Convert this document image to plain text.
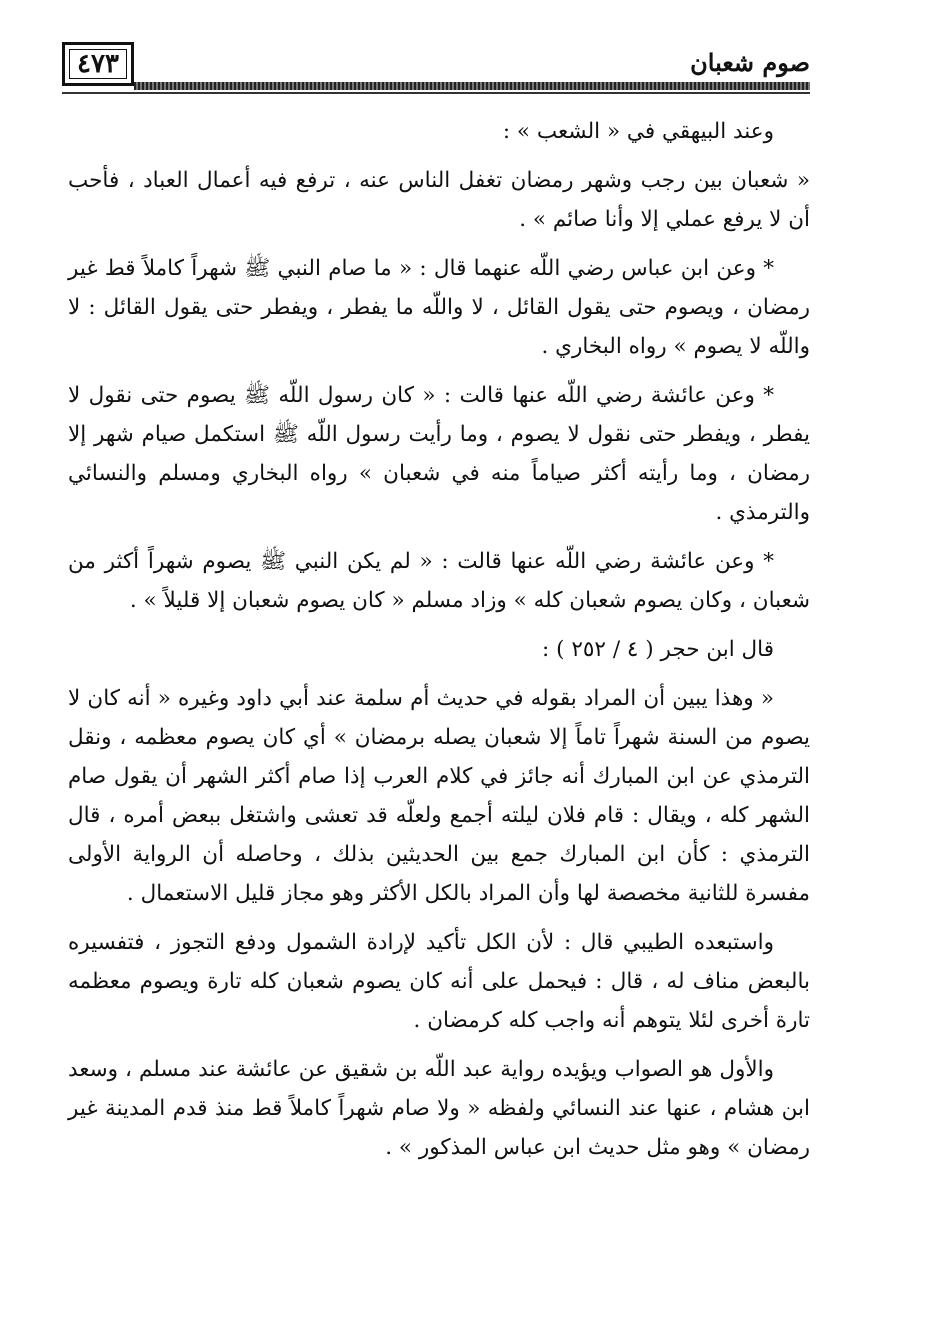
٤٧٣	صوم شعبان

وعند البيهقي في « الشعب » :

« شعبان بين رجب وشهر رمضان تغفل الناس عنه ، ترفع فيه أعمال العباد ، فأحب أن لا يرفع عملي إلا وأنا صائم » .

* وعن ابن عباس رضي اللّه عنهما قال : « ما صام النبي ﷺ شهراً كاملاً قط غير رمضان ، ويصوم حتى يقول القائل ، لا واللّه ما يفطر ، ويفطر حتى يقول القائل : لا واللّه لا يصوم » رواه البخاري .

* وعن عائشة رضي اللّه عنها قالت : « كان رسول اللّه ﷺ يصوم حتى نقول لا يفطر ، ويفطر حتى نقول لا يصوم ، وما رأيت رسول اللّه ﷺ استكمل صيام شهر إلا رمضان ، وما رأيته أكثر صياماً منه في شعبان » رواه البخاري ومسلم والنسائي والترمذي .

* وعن عائشة رضي اللّه عنها قالت : « لم يكن النبي ﷺ يصوم شهراً أكثر من شعبان ، وكان يصوم شعبان كله » وزاد مسلم « كان يصوم شعبان إلا قليلاً » .

قال ابن حجر ( ٤ / ٢٥٢ ) :

« وهذا يبين أن المراد بقوله في حديث أم سلمة عند أبي داود وغيره « أنه كان لا يصوم من السنة شهراً تاماً إلا شعبان يصله برمضان » أي كان يصوم معظمه ، ونقل الترمذي عن ابن المبارك أنه جائز في كلام العرب إذا صام أكثر الشهر أن يقول صام الشهر كله ، ويقال : قام فلان ليلته أجمع ولعلّه قد تعشى واشتغل ببعض أمره ، قال الترمذي : كأن ابن المبارك جمع بين الحديثين بذلك ، وحاصله أن الرواية الأولى مفسرة للثانية مخصصة لها وأن المراد بالكل الأكثر وهو مجاز قليل الاستعمال .

واستبعده الطيبي قال : لأن الكل تأكيد لإرادة الشمول ودفع التجوز ، فتفسيره بالبعض مناف له ، قال : فيحمل على أنه كان يصوم شعبان كله تارة ويصوم معظمه تارة أخرى لئلا يتوهم أنه واجب كله كرمضان .

والأول هو الصواب ويؤيده رواية عبد اللّه بن شقيق عن عائشة عند مسلم ، وسعد ابن هشام ، عنها عند النسائي ولفظه « ولا صام شهراً كاملاً قط منذ قدم المدينة غير رمضان » وهو مثل حديث ابن عباس المذكور » .
